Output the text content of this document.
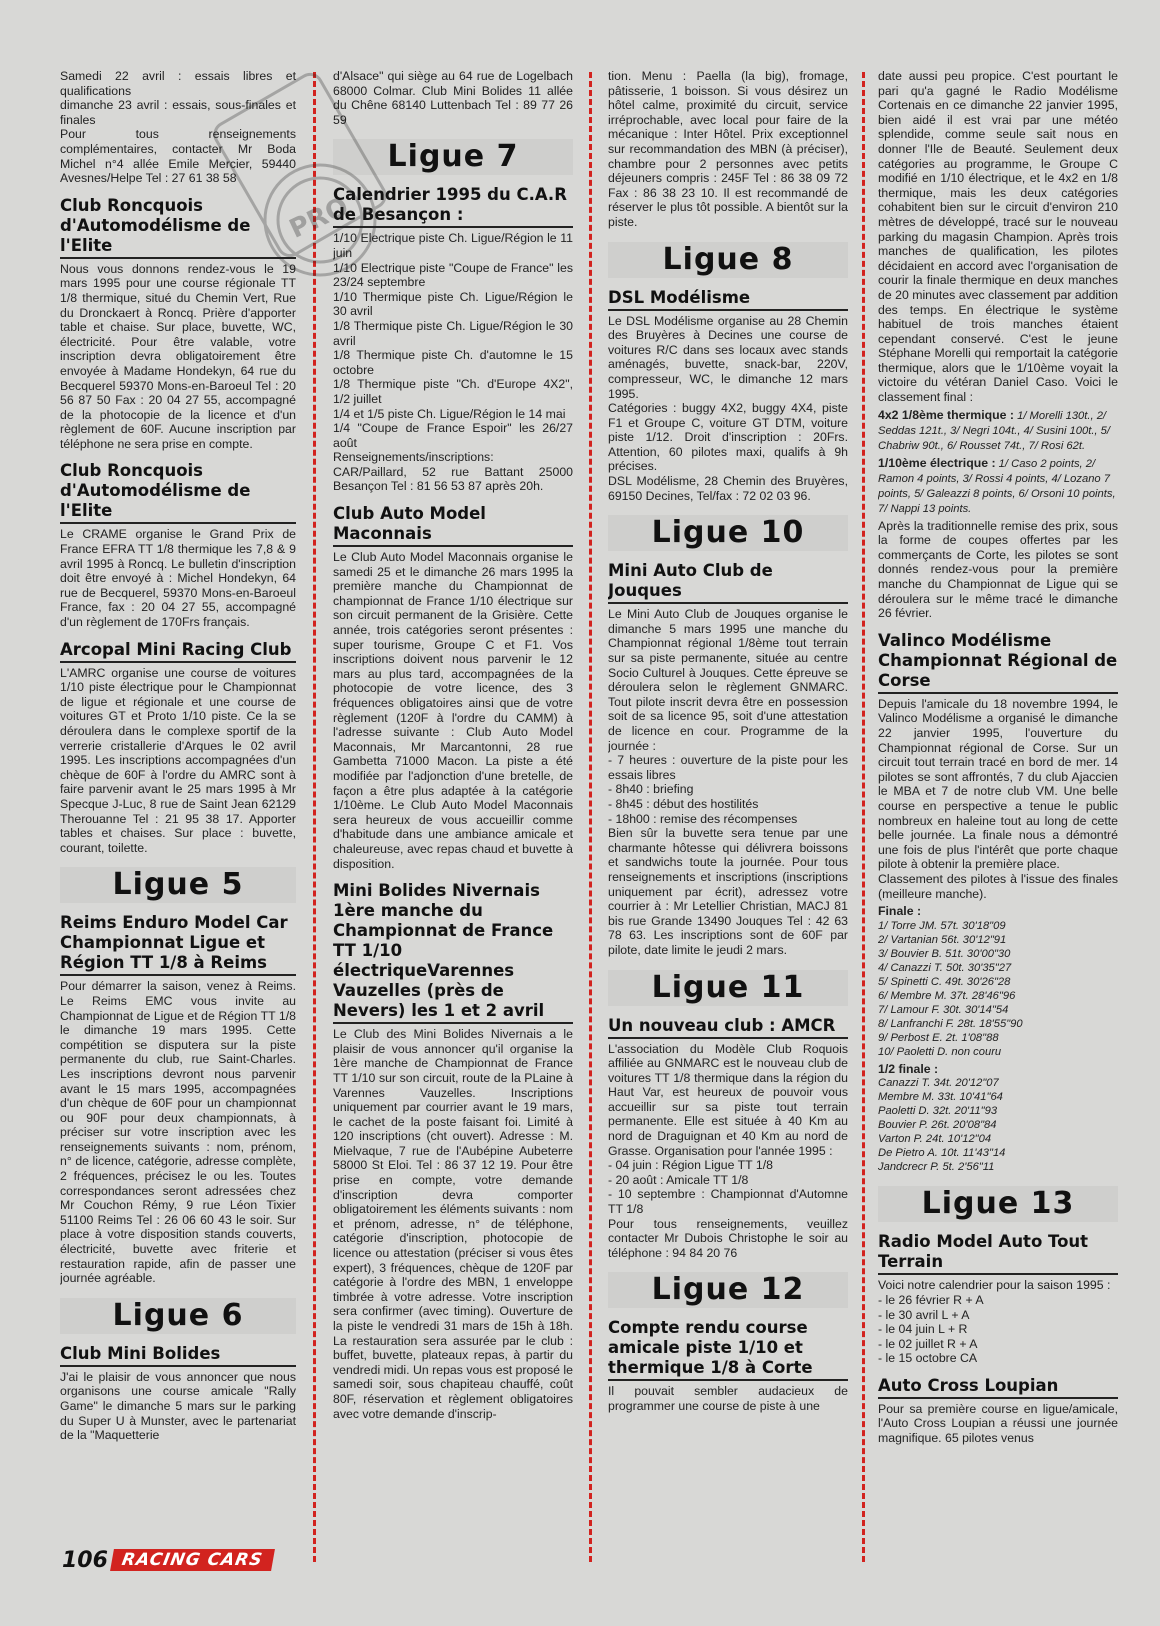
Samedi 22 avril : essais libres et qualifications
dimanche 23 avril : essais, sous-finales et finales
Pour tous renseignements complémentaires, contacter Mr Boda Michel n°4 allée Emile Mercier, 59440 Avesnes/Helpe Tel : 27 61 38 58
Club Roncquois d'Automodélisme de l'Elite
Nous vous donnons rendez-vous le 19 mars 1995 pour une course régionale TT 1/8 thermique, situé du Chemin Vert, Rue du Dronckaert à Roncq. Prière d'apporter table et chaise. Sur place, buvette, WC, électricité. Pour être valable, votre inscription devra obligatoirement être envoyée à Madame Hondekyn, 64 rue du Becquerel 59370 Mons-en-Baroeul Tel : 20 56 87 50 Fax : 20 04 27 55, accompagné de la photocopie de la licence et d'un règlement de 60F. Aucune inscription par téléphone ne sera prise en compte.
Club Roncquois d'Automodélisme de l'Elite
Le CRAME organise le Grand Prix de France EFRA TT 1/8 thermique les 7,8 & 9 avril 1995 à Roncq. Le bulletin d'inscription doit être envoyé à : Michel Hondekyn, 64 rue de Becquerel, 59370 Mons-en-Baroeul France, fax : 20 04 27 55, accompagné d'un règlement de 170Frs français.
Arcopal Mini Racing Club
L'AMRC organise une course de voitures 1/10 piste électrique pour le Championnat de ligue et régionale et une course de voitures GT et Proto 1/10 piste. Ce la se déroulera dans le complexe sportif de la verrerie cristallerie d'Arques le 02 avril 1995. Les inscriptions accompagnées d'un chèque de 60F à l'ordre du AMRC sont à faire parvenir avant le 25 mars 1995 à Mr Specque J-Luc, 8 rue de Saint Jean 62129 Therouanne Tel : 21 95 38 17. Apporter tables et chaises. Sur place : buvette, courant, toilette.
Ligue 5
Reims Enduro Model Car Championnat Ligue et Région TT 1/8 à Reims
Pour démarrer la saison, venez à Reims. Le Reims EMC vous invite au Championnat de Ligue et de Région TT 1/8 le dimanche 19 mars 1995. Cette compétition se disputera sur la piste permanente du club, rue Saint-Charles. Les inscriptions devront nous parvenir avant le 15 mars 1995, accompagnées d'un chèque de 60F pour un championnat ou 90F pour deux championnats, à préciser sur votre inscription avec les renseignements suivants : nom, prénom, n° de licence, catégorie, adresse complète, 2 fréquences, précisez le ou les. Toutes correspondances seront adressées chez Mr Couchon Rémy, 9 rue Léon Tixier 51100 Reims Tel : 26 06 60 43 le soir. Sur place à votre disposition stands couverts, électricité, buvette avec friterie et restauration rapide, afin de passer une journée agréable.
Ligue 6
Club Mini Bolides
J'ai le plaisir de vous annoncer que nous organisons une course amicale "Rally Game" le dimanche 5 mars sur le parking du Super U à Munster, avec le partenariat de la "Maquetterie
d'Alsace" qui siège au 64 rue de Logelbach 68000 Colmar. Club Mini Bolides 11 allée du Chêne 68140 Luttenbach Tel : 89 77 26 59
Ligue 7
Calendrier 1995 du C.A.R de Besançon :
1/10 Electrique piste Ch. Ligue/Région le 11 juin
1/10 Electrique piste "Coupe de France" les 23/24 septembre
1/10 Thermique piste Ch. Ligue/Région le 30 avril
1/8 Thermique piste Ch. Ligue/Région le 30 avril
1/8 Thermique piste Ch. d'automne le 15 octobre
1/8 Thermique piste "Ch. d'Europe 4X2", 1/2 juillet
1/4 et 1/5 piste Ch. Ligue/Région le 14 mai
1/4 "Coupe de France Espoir" les 26/27 août
Renseignements/inscriptions:
CAR/Paillard, 52 rue Battant 25000 Besançon Tel : 81 56 53 87 après 20h.
Club Auto Model Maconnais
Le Club Auto Model Maconnais organise le samedi 25 et le dimanche 26 mars 1995 la première manche du Championnat de championnat de France 1/10 électrique sur son circuit permanent de la Grisière. Cette année, trois catégories seront présentes : super tourisme, Groupe C et F1. Vos inscriptions doivent nous parvenir le 12 mars au plus tard, accompagnées de la photocopie de votre licence, des 3 fréquences obligatoires ainsi que de votre règlement (120F à l'ordre du CAMM) à l'adresse suivante : Club Auto Model Maconnais, Mr Marcantonni, 28 rue Gambetta 71000 Macon. La piste a été modifiée par l'adjonction d'une bretelle, de façon a être plus adaptée à la catégorie 1/10ème. Le Club Auto Model Maconnais sera heureux de vous accueillir comme d'habitude dans une ambiance amicale et chaleureuse, avec repas chaud et buvette à disposition.
Mini Bolides Nivernais 1ère manche du Championnat de France TT 1/10 électriqueVarennes Vauzelles (près de Nevers) les 1 et 2 avril
Le Club des Mini Bolides Nivernais a le plaisir de vous annoncer qu'il organise la 1ère manche de Championnat de France TT 1/10 sur son circuit, route de la PLaine à Varennes Vauzelles. Inscriptions uniquement par courrier avant le 19 mars, le cachet de la poste faisant foi. Limité à 120 inscriptions (cht ouvert). Adresse : M. Mielvaque, 7 rue de l'Aubépine Aubeterre 58000 St Eloi. Tel : 86 37 12 19. Pour être prise en compte, votre demande d'inscription devra comporter obligatoirement les éléments suivants : nom et prénom, adresse, n° de téléphone, catégorie d'inscription, photocopie de licence ou attestation (préciser si vous êtes expert), 3 fréquences, chèque de 120F par catégorie à l'ordre des MBN, 1 enveloppe timbrée à votre adresse. Votre inscription sera confirmer (avec timing). Ouverture de la piste le vendredi 31 mars de 15h à 18h. La restauration sera assurée par le club : buffet, buvette, plateaux repas, à partir du vendredi midi. Un repas vous est proposé le samedi soir, sous chapiteau chauffé, coût 80F, réservation et règlement obligatoires avec votre demande d'inscrip-
tion. Menu : Paella (la big), fromage, pâtisserie, 1 boisson. Si vous désirez un hôtel calme, proximité du circuit, service irréprochable, avec local pour faire de la mécanique : Inter Hôtel. Prix exceptionnel sur recommandation des MBN (à préciser), chambre pour 2 personnes avec petits déjeuners compris : 245F Tel : 86 38 09 72 Fax : 86 38 23 10. Il est recommandé de réserver le plus tôt possible. A bientôt sur la piste.
Ligue 8
DSL Modélisme
Le DSL Modélisme organise au 28 Chemin des Bruyères à Decines une course de voitures R/C dans ses locaux avec stands aménagés, buvette, snack-bar, 220V, compresseur, WC, le dimanche 12 mars 1995.
Catégories : buggy 4X2, buggy 4X4, piste F1 et Groupe C, voiture GT DTM, voiture piste 1/12. Droit d'inscription : 20Frs. Attention, 60 pilotes maxi, qualifs à 9h précises.
DSL Modélisme, 28 Chemin des Bruyères, 69150 Decines, Tel/fax : 72 02 03 96.
Ligue 10
Mini Auto Club de Jouques
Le Mini Auto Club de Jouques organise le dimanche 5 mars 1995 une manche du Championnat régional 1/8ème tout terrain sur sa piste permanente, située au centre Socio Culturel à Jouques. Cette épreuve se déroulera selon le règlement GNMARC. Tout pilote inscrit devra être en possession soit de sa licence 95, soit d'une attestation de licence en cour. Programme de la journée :
- 7 heures : ouverture de la piste pour les essais libres
- 8h40 : briefing
- 8h45 : début des hostilités
- 18h00 : remise des récompenses
Bien sûr la buvette sera tenue par une charmante hôtesse qui délivrera boissons et sandwichs toute la journée. Pour tous renseignements et inscriptions (inscriptions uniquement par écrit), adressez votre courrier à : Mr Letellier Christian, MACJ 81 bis rue Grande 13490 Jouques Tel : 42 63 78 63. Les inscriptions sont de 60F par pilote, date limite le jeudi 2 mars.
Ligue 11
Un nouveau club : AMCR
L'association du Modèle Club Roquois affiliée au GNMARC est le nouveau club de voitures TT 1/8 thermique dans la région du Haut Var, est heureux de pouvoir vous accueillir sur sa piste tout terrain permanente. Elle est située à 40 Km au nord de Draguignan et 40 Km au nord de Grasse. Organisation pour l'année 1995 :
- 04 juin : Région Ligue TT 1/8
- 20 août : Amicale TT 1/8
- 10 septembre : Championnat d'Automne TT 1/8
Pour tous renseignements, veuillez contacter Mr Dubois Christophe le soir au téléphone : 94 84 20 76
Ligue 12
Compte rendu course amicale piste 1/10 et thermique 1/8 à Corte
Il pouvait sembler audacieux de programmer une course de piste à une
date aussi peu propice. C'est pourtant le pari qu'a gagné le Radio Modélisme Cortenais en ce dimanche 22 janvier 1995, bien aidé il est vrai par une météo splendide, comme seule sait nous en donner l'Ile de Beauté. Seulement deux catégories au programme, le Groupe C modifié en 1/10 électrique, et le 4x2 en 1/8 thermique, mais les deux catégories cohabitent bien sur le circuit d'environ 210 mètres de développé, tracé sur le nouveau parking du magasin Champion. Après trois manches de qualification, les pilotes décidaient en accord avec l'organisation de courir la finale thermique en deux manches de 20 minutes avec classement par addition des temps. En électrique le système habituel de trois manches étaient cependant conservé. C'est le jeune Stéphane Morelli qui remportait la catégorie thermique, alors que le 1/10ème voyait la victoire du vétéran Daniel Caso. Voici le classement final :
4x2 1/8ème thermique : 1/ Morelli 130t., 2/ Seddas 121t., 3/ Negri 104t., 4/ Susini 100t., 5/ Chabriw 90t., 6/ Rousset 74t., 7/ Rosi 62t.
1/10ème électrique : 1/ Caso 2 points, 2/ Ramon 4 points, 3/ Rossi 4 points, 4/ Lozano 7 points, 5/ Galeazzi 8 points, 6/ Orsoni 10 points, 7/ Nappi 13 points.
Après la traditionnelle remise des prix, sous la forme de coupes offertes par les commerçants de Corte, les pilotes se sont donnés rendez-vous pour la première manche du Championnat de Ligue qui se déroulera sur le même tracé le dimanche 26 février.
Valinco Modélisme Championnat Régional de Corse
Depuis l'amicale du 18 novembre 1994, le Valinco Modélisme a organisé le dimanche 22 janvier 1995, l'ouverture du Championnat régional de Corse. Sur un circuit tout terrain tracé en bord de mer. 14 pilotes se sont affrontés, 7 du club Ajaccien le MBA et 7 de notre club VM. Une belle course en perspective a tenue le public nombreux en haleine tout au long de cette belle journée. La finale nous a démontré une fois de plus l'intérêt que porte chaque pilote à obtenir la première place.
Classement des pilotes à l'issue des finales (meilleure manche).
Finale :
1/ Torre JM. 57t. 30'18"09
2/ Vartanian 56t. 30'12"91
3/ Bouvier B. 51t. 30'00"30
4/ Canazzi T. 50t. 30'35"27
5/ Spinetti C. 49t. 30'26"28
6/ Membre M. 37t. 28'46"96
7/ Lamour F. 30t. 30'14"54
8/ Lanfranchi F. 28t. 18'55"90
9/ Perbost E. 2t. 1'08"88
10/ Paoletti D. non couru
1/2 finale :
Canazzi T. 34t. 20'12"07
Membre M. 33t. 10'41"64
Paoletti D. 32t. 20'11"93
Bouvier P. 26t. 20'08"84
Varton P. 24t. 10'12"04
De Pietro A. 10t. 11'43"14
Jandcrecr P. 5t. 2'56"11
Ligue 13
Radio Model Auto Tout Terrain
Voici notre calendrier pour la saison 1995 :
- le 26 février R + A
- le 30 avril L + A
- le 04 juin L + R
- le 02 juillet R + A
- le 15 octobre CA
Auto Cross Loupian
Pour sa première course en ligue/amicale, l'Auto Cross Loupian a réussi une journée magnifique. 65 pilotes venus
PRO
106 RACING CARS
